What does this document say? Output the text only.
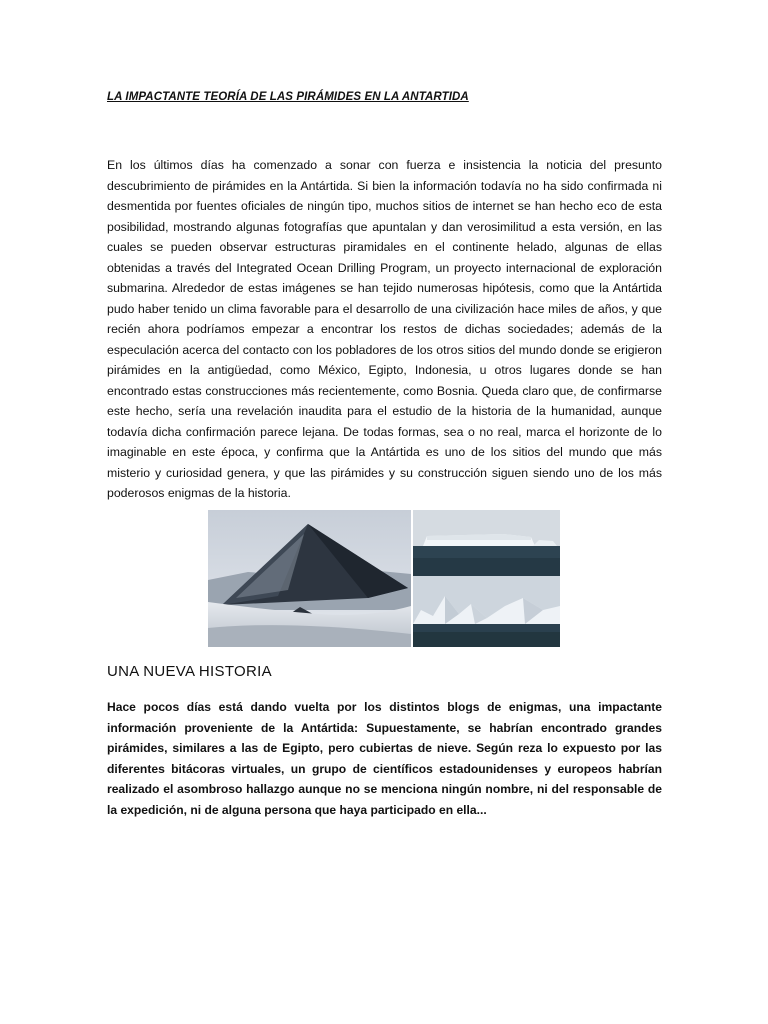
LA IMPACTANTE TEORÍA DE LAS PIRÁMIDES EN LA ANTARTIDA

En los últimos días ha comenzado a sonar con fuerza e insistencia la noticia del presunto descubrimiento de pirámides en la Antártida. Si bien la información todavía no ha sido confirmada ni desmentida por fuentes oficiales de ningún tipo, muchos sitios de internet se han hecho eco de esta posibilidad, mostrando algunas fotografías que apuntalan y dan verosimilitud a esta versión, en las cuales se pueden observar estructuras piramidales en el continente helado, algunas de ellas obtenidas a través del Integrated Ocean Drilling Program, un proyecto internacional de exploración submarina. Alrededor de estas imágenes se han tejido numerosas hipótesis, como que la Antártida pudo haber tenido un clima favorable para el desarrollo de una civilización hace miles de años, y que recién ahora podríamos empezar a encontrar los restos de dichas sociedades; además de la especulación acerca del contacto con los pobladores de los otros sitios del mundo donde se erigieron pirámides en la antigüedad, como México, Egipto, Indonesia, u otros lugares donde se han encontrado estas construcciones más recientemente, como Bosnia. Queda claro que, de confirmarse este hecho, sería una revelación inaudita para el estudio de la historia de la humanidad, aunque todavía dicha confirmación parece lejana. De todas formas, sea o no real, marca el horizonte de lo imaginable en este época, y confirma que la Antártida es uno de los sitios del mundo que más misterio y curiosidad genera, y que las pirámides y su construcción siguen siendo uno de los más poderosos enigmas de la historia.

UNA NUEVA HISTORIA

Hace pocos días está dando vuelta por los distintos blogs de enigmas, una impactante información proveniente de la Antártida: Supuestamente, se habrían encontrado grandes pirámides, similares a las de Egipto, pero cubiertas de nieve. Según reza lo expuesto por las diferentes bitácoras virtuales, un grupo de científicos estadounidenses y europeos habrían realizado el asombroso hallazgo aunque no se menciona ningún nombre, ni del responsable de la expedición, ni de alguna persona que haya participado en ella...
